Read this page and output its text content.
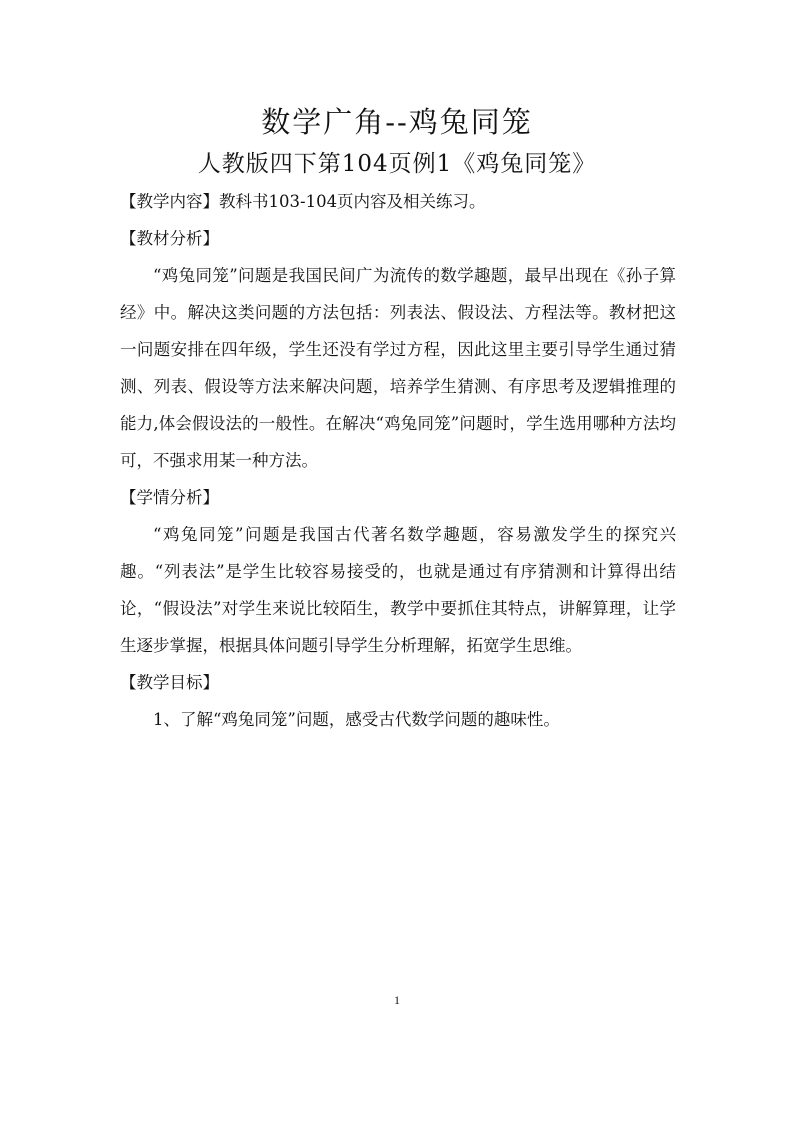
数学广角--鸡兔同笼
人教版四下第104页例1《鸡兔同笼》

【教学内容】教科书103-104页内容及相关练习。

【教材分析】

“鸡兔同笼”问题是我国民间广为流传的数学趣题，最早出现在《孙子算经》中。解决这类问题的方法包括：列表法、假设法、方程法等。教材把这一问题安排在四年级，学生还没有学过方程，因此这里主要引导学生通过猜测、列表、假设等方法来解决问题，培养学生猜测、有序思考及逻辑推理的能力,体会假设法的一般性。在解决“鸡兔同笼”问题时，学生选用哪种方法均可，不强求用某一种方法。

【学情分析】

“鸡兔同笼”问题是我国古代著名数学趣题，容易激发学生的探究兴趣。“列表法”是学生比较容易接受的，也就是通过有序猜测和计算得出结论，“假设法”对学生来说比较陌生，教学中要抓住其特点，讲解算理，让学生逐步掌握，根据具体问题引导学生分析理解，拓宽学生思维。

【教学目标】

1、了解“鸡兔同笼”问题，感受古代数学问题的趣味性。

1
